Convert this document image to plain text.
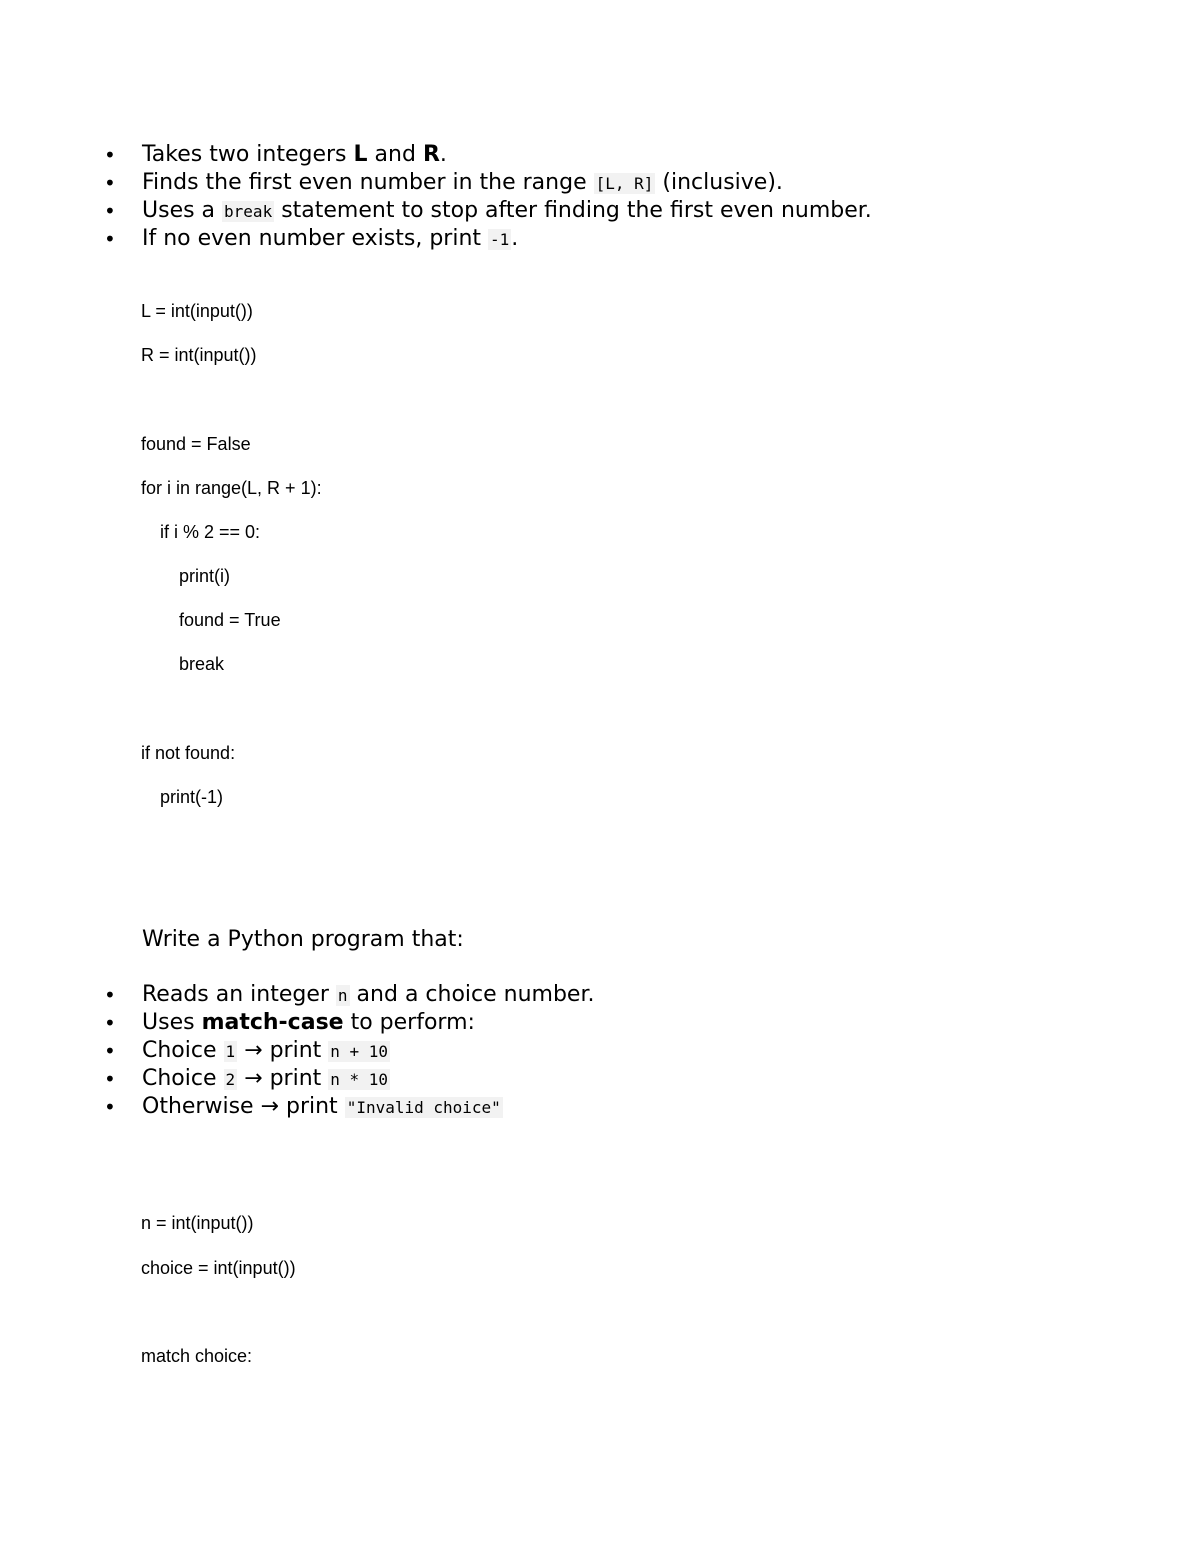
• Takes two integers L and R.
• Finds the first even number in the range [L, R] (inclusive).
• Uses a break statement to stop after finding the first even number.
• If no even number exists, print -1.
L = int(input())
R = int(input())
found = False
for i in range(L, R + 1):
if i % 2 == 0:
print(i)
found = True
break
if not found:
print(-1)
Write a Python program that:
• Reads an integer n and a choice number.
• Uses match-case to perform:
• Choice 1 → print n + 10
• Choice 2 → print n * 10
• Otherwise → print "Invalid choice"
n = int(input())
choice = int(input())
match choice:
